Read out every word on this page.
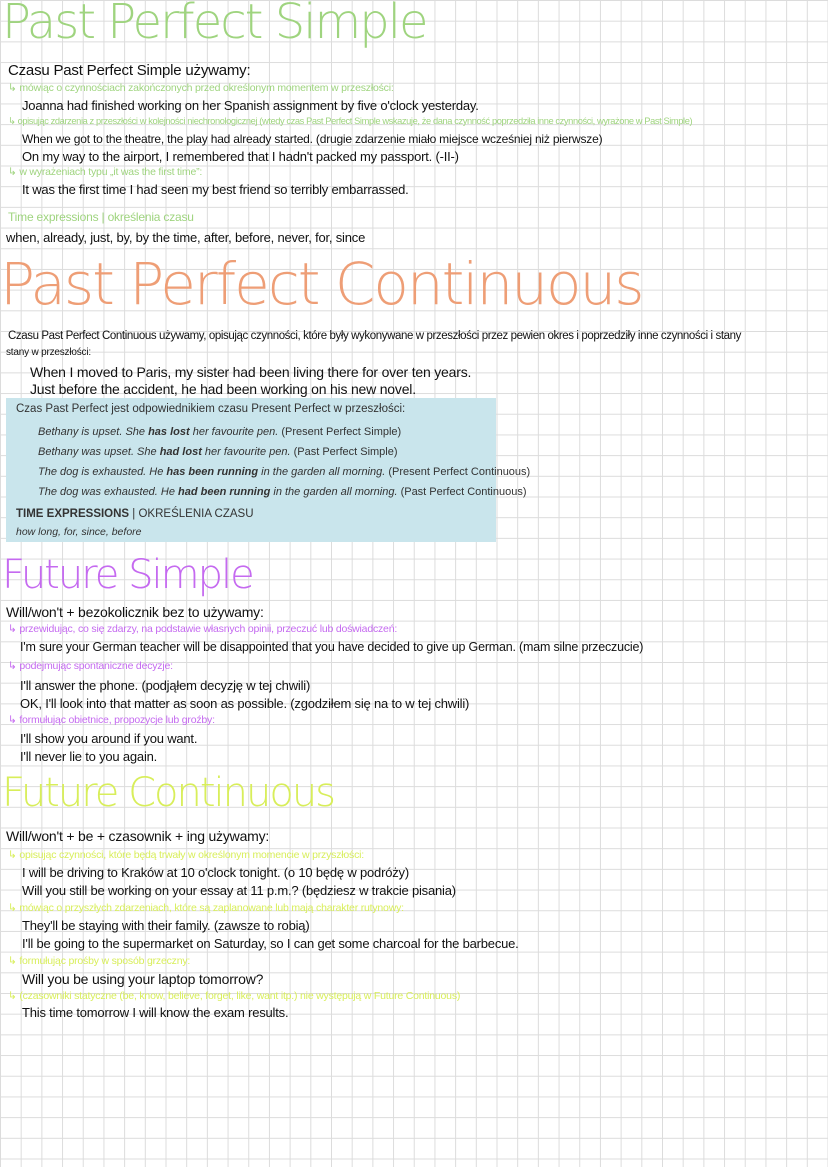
Past Perfect Simple
Czasu Past Perfect Simple używamy:
↳ mówiąc o czynnościach zakończonych przed określonym momentem w przeszłości:
Joanna had finished working on her Spanish assignment by five o'clock yesterday.
↳ opisując zdarzenia z przeszłości w kolejności niechronologicznej (wtedy czas Past Perfect Simple wskazuje, że dana czynność poprzedziła inne czynności, wyrażone w Past Simple)
When we got to the theatre, the play had already started. (drugie zdarzenie miało miejsce wcześniej niż pierwsze)
On my way to the airport, I remembered that I hadn't packed my passport. (-II-)
↳ w wyrażeniach typu „it was the first time”:
It was the first time I had seen my best friend so terribly embarrassed.
Time expressions | określenia czasu
when, already, just, by, by the time, after, before, never, for, since
Past Perfect Continuous
Czasu Past Perfect Continuous używamy, opisując czynności, które były wykonywane w przeszłości przez pewien okres i poprzedziły inne czynności i stany
stany w przeszłości:
When I moved to Paris, my sister had been living there for over ten years.
Just before the accident, he had been working on his new novel.
Czas Past Perfect jest odpowiednikiem czasu Present Perfect w przeszłości:
Bethany is upset. She has lost her favourite pen. (Present Perfect Simple)
Bethany was upset. She had lost her favourite pen. (Past Perfect Simple)
The dog is exhausted. He has been running in the garden all morning. (Present Perfect Continuous)
The dog was exhausted. He had been running in the garden all morning. (Past Perfect Continuous)
TIME EXPRESSIONS | OKREŚLENIA CZASU
how long, for, since, before
Future Simple
Will/won't + bezokolicznik bez to używamy:
↳ przewidując, co się zdarzy, na podstawie własnych opinii, przeczuć lub doświadczeń:
I'm sure your German teacher will be disappointed that you have decided to give up German. (mam silne przeczucie)
↳ podejmując spontaniczne decyzje:
I'll answer the phone. (podjąłem decyzję w tej chwili)
OK, I'll look into that matter as soon as possible. (zgodziłem się na to w tej chwili)
↳ formułując obietnice, propozycje lub groźby:
I'll show you around if you want.
I'll never lie to you again.
Future Continuous
Will/won't + be + czasownik + ing używamy:
↳ opisując czynności, które będą trwały w określonym momencie w przyszłości:
I will be driving to Kraków at 10 o'clock tonight. (o 10 będę w podróży)
Will you still be working on your essay at 11 p.m.? (będziesz w trakcie pisania)
↳ mówiąc o przyszłych zdarzeniach, które są zaplanowane lub mają charakter rutynowy:
They'll be staying with their family. (zawsze to robią)
I'll be going to the supermarket on Saturday, so I can get some charcoal for the barbecue.
↳ formułując prośby w sposób grzeczny:
Will you be using your laptop tomorrow?
↳ (czasowniki statyczne (be, know, believe, forget, like, want itp.) nie występują w Future Continuous)
This time tomorrow I will know the exam results.
